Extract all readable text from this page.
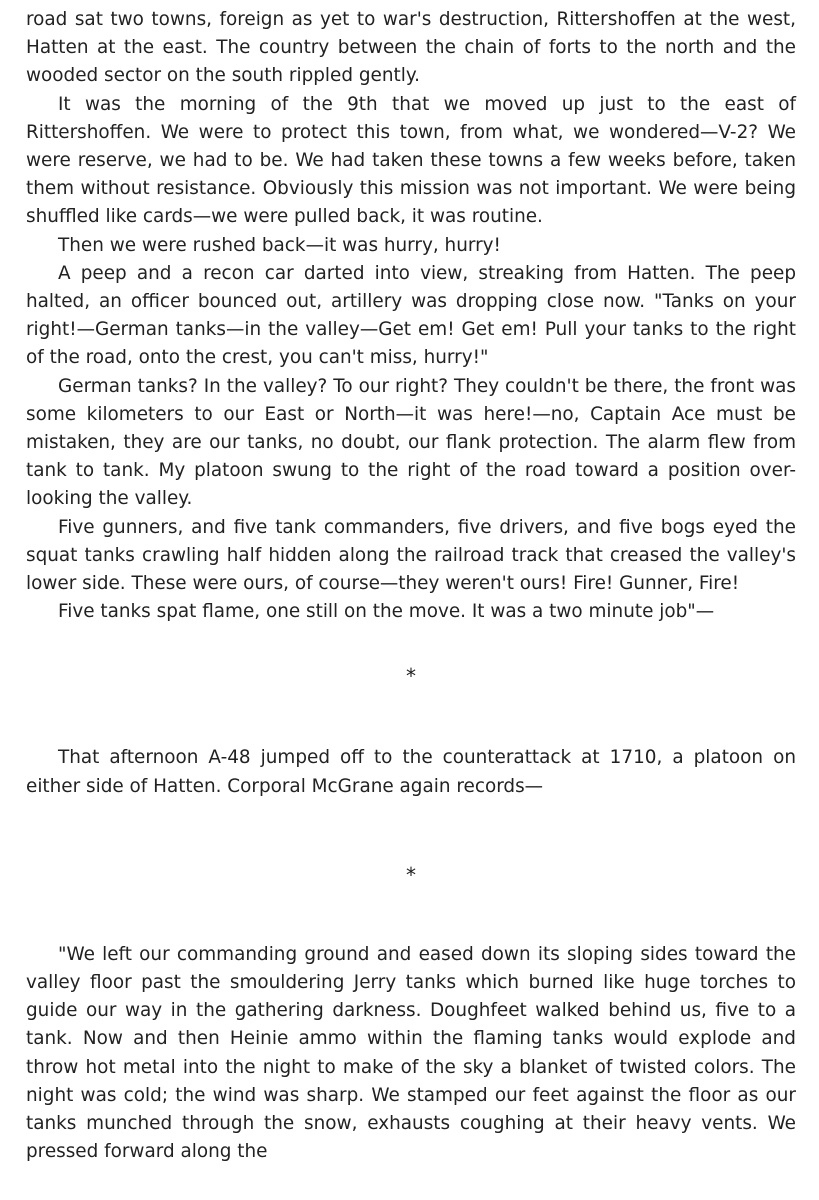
road sat two towns, foreign as yet to war's destruction, Rittershoffen at the west, Hatten at the east. The country between the chain of forts to the north and the wooded sector on the south rippled gently.

It was the morning of the 9th that we moved up just to the east of Rittershoffen. We were to protect this town, from what, we wondered—V-2? We were reserve, we had to be. We had taken these towns a few weeks before, taken them without resistance. Obviously this mission was not important. We were being shuffled like cards—we were pulled back, it was routine.

Then we were rushed back—it was hurry, hurry!

A peep and a recon car darted into view, streaking from Hatten. The peep halted, an officer bounced out, artillery was dropping close now. "Tanks on your right!—German tanks—in the valley—Get em! Get em! Pull your tanks to the right of the road, onto the crest, you can't miss, hurry!"

German tanks? In the valley? To our right? They couldn't be there, the front was some kilometers to our East or North—it was here!—no, Captain Ace must be mistaken, they are our tanks, no doubt, our flank protection. The alarm flew from tank to tank. My platoon swung to the right of the road toward a position over-looking the valley.

Five gunners, and five tank commanders, five drivers, and five bogs eyed the squat tanks crawling half hidden along the railroad track that creased the valley's lower side. These were ours, of course—they weren't ours! Fire! Gunner, Fire!

Five tanks spat flame, one still on the move. It was a two minute job"—

*

That afternoon A-48 jumped off to the counterattack at 1710, a platoon on either side of Hatten. Corporal McGrane again records—

*

"We left our commanding ground and eased down its sloping sides toward the valley floor past the smouldering Jerry tanks which burned like huge torches to guide our way in the gathering darkness. Doughfeet walked behind us, five to a tank. Now and then Heinie ammo within the flaming tanks would explode and throw hot metal into the night to make of the sky a blanket of twisted colors. The night was cold; the wind was sharp. We stamped our feet against the floor as our tanks munched through the snow, exhausts coughing at their heavy vents. We pressed forward along the
